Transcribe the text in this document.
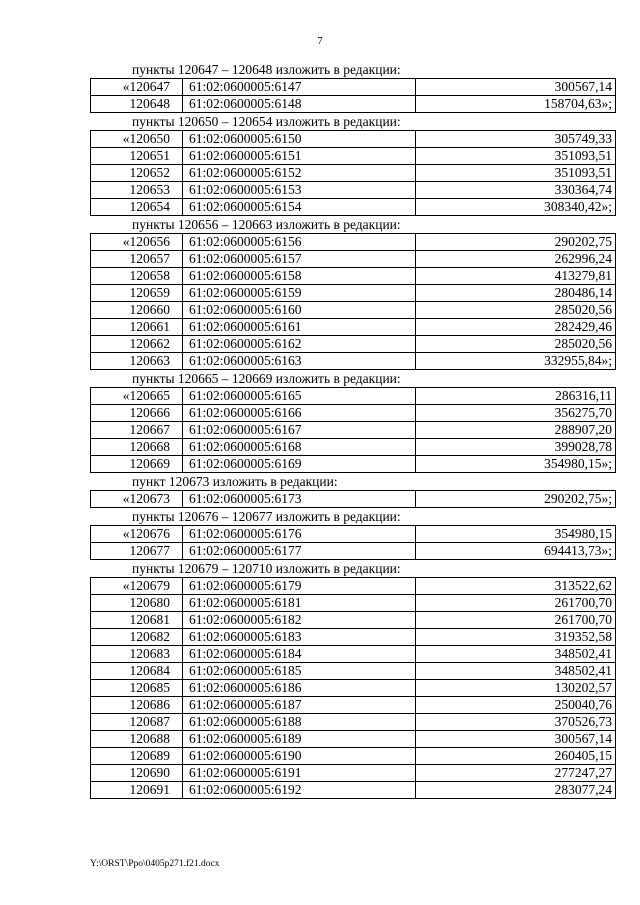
7
пункты 120647 – 120648 изложить в редакции:
«120647	61:02:0600005:6147	300567,14
120648	61:02:0600005:6148	158704,63»;
пункты 120650 – 120654 изложить в редакции:
«120650	61:02:0600005:6150	305749,33
120651	61:02:0600005:6151	351093,51
120652	61:02:0600005:6152	351093,51
120653	61:02:0600005:6153	330364,74
120654	61:02:0600005:6154	308340,42»;
пункты 120656 – 120663 изложить в редакции:
«120656	61:02:0600005:6156	290202,75
120657	61:02:0600005:6157	262996,24
120658	61:02:0600005:6158	413279,81
120659	61:02:0600005:6159	280486,14
120660	61:02:0600005:6160	285020,56
120661	61:02:0600005:6161	282429,46
120662	61:02:0600005:6162	285020,56
120663	61:02:0600005:6163	332955,84»;
пункты 120665 – 120669 изложить в редакции:
«120665	61:02:0600005:6165	286316,11
120666	61:02:0600005:6166	356275,70
120667	61:02:0600005:6167	288907,20
120668	61:02:0600005:6168	399028,78
120669	61:02:0600005:6169	354980,15»;
пункт 120673 изложить в редакции:
«120673	61:02:0600005:6173	290202,75»;
пункты 120676 – 120677 изложить в редакции:
«120676	61:02:0600005:6176	354980,15
120677	61:02:0600005:6177	694413,73»;
пункты 120679 – 120710 изложить в редакции:
«120679	61:02:0600005:6179	313522,62
120680	61:02:0600005:6181	261700,70
120681	61:02:0600005:6182	261700,70
120682	61:02:0600005:6183	319352,58
120683	61:02:0600005:6184	348502,41
120684	61:02:0600005:6185	348502,41
120685	61:02:0600005:6186	130202,57
120686	61:02:0600005:6187	250040,76
120687	61:02:0600005:6188	370526,73
120688	61:02:0600005:6189	300567,14
120689	61:02:0600005:6190	260405,15
120690	61:02:0600005:6191	277247,27
120691	61:02:0600005:6192	283077,24
Y:\ORST\Ppo\0405p271.f21.docx
